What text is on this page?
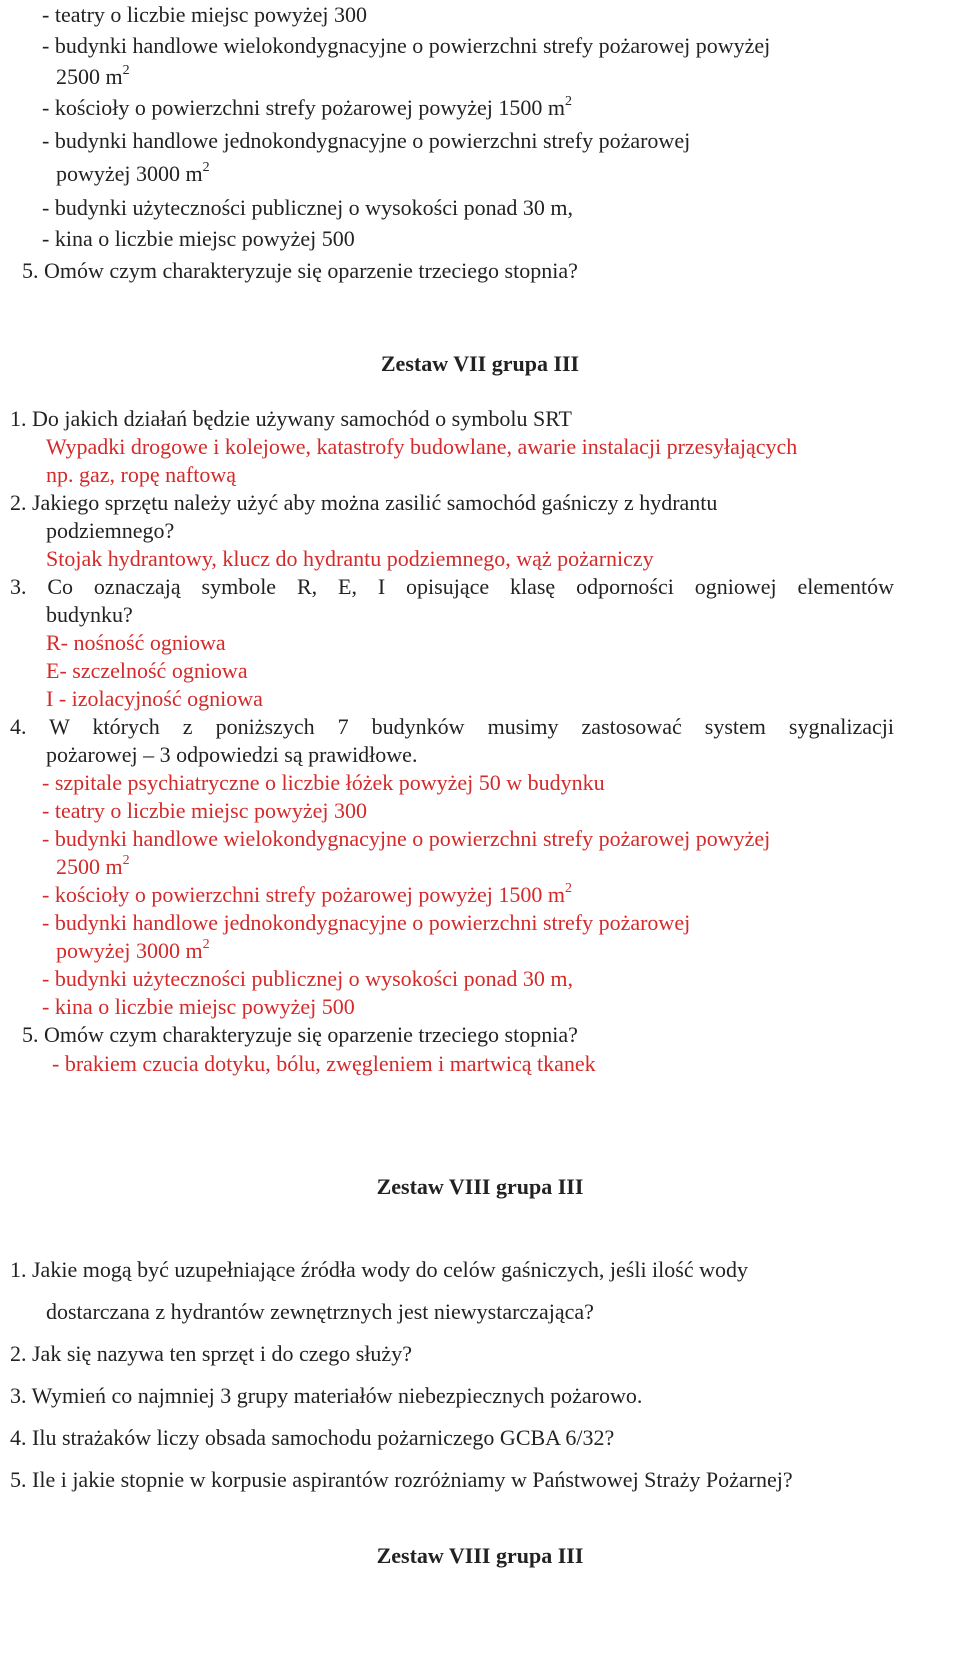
- teatry o liczbie miejsc powyżej 300
- budynki handlowe wielokondygnacyjne o powierzchni strefy pożarowej powyżej
2500 $m^2$
- kościoły o powierzchni strefy pożarowej powyżej 1500 $m^2$
- budynki handlowe jednokondygnacyjne o powierzchni strefy pożarowej
powyżej 3000 $m^2$
- budynki użyteczności publicznej o wysokości ponad 30 m,
- kina o liczbie miejsc powyżej 500
5. Omów czym charakteryzuje się oparzenie trzeciego stopnia?
Zestaw VII grupa III
1. Do jakich działań będzie używany samochód o symbolu SRT
Wypadki drogowe i kolejowe, katastrofy budowlane, awarie instalacji przesyłających
np. gaz, ropę naftową
2. Jakiego sprzętu należy użyć aby można zasilić samochód gaśniczy z hydrantu
podziemnego?
Stojak hydrantowy, klucz do hydrantu podziemnego, wąż pożarniczy
3. Co oznaczają symbole R, E, I opisujące klasę odporności ogniowej elementów
budynku?
R- nośność ogniowa
E- szczelność ogniowa
I - izolacyjność ogniowa
4. W których z poniższych 7 budynków musimy zastosować system sygnalizacji
pożarowej – 3 odpowiedzi są prawidłowe.
- szpitale psychiatryczne o liczbie łóżek powyżej 50 w budynku
- teatry o liczbie miejsc powyżej 300
- budynki handlowe wielokondygnacyjne o powierzchni strefy pożarowej powyżej
2500 $m^2$
- kościoły o powierzchni strefy pożarowej powyżej 1500 $m^2$
- budynki handlowe jednokondygnacyjne o powierzchni strefy pożarowej
powyżej 3000 $m^2$
- budynki użyteczności publicznej o wysokości ponad 30 m,
- kina o liczbie miejsc powyżej 500
5. Omów czym charakteryzuje się oparzenie trzeciego stopnia?
- brakiem czucia dotyku, bólu, zwęgleniem i martwicą tkanek
Zestaw VIII grupa III
1. Jakie mogą być uzupełniające źródła wody do celów gaśniczych, jeśli ilość wody
dostarczana z hydrantów zewnętrznych jest niewystarczająca?
2. Jak się nazywa ten sprzęt i do czego służy?
3. Wymień co najmniej 3 grupy materiałów niebezpiecznych pożarowo.
4. Ilu strażaków liczy obsada samochodu pożarniczego GCBA 6/32?
5. Ile i jakie stopnie w korpusie aspirantów rozróżniamy w Państwowej Straży Pożarnej?
Zestaw VIII grupa III
